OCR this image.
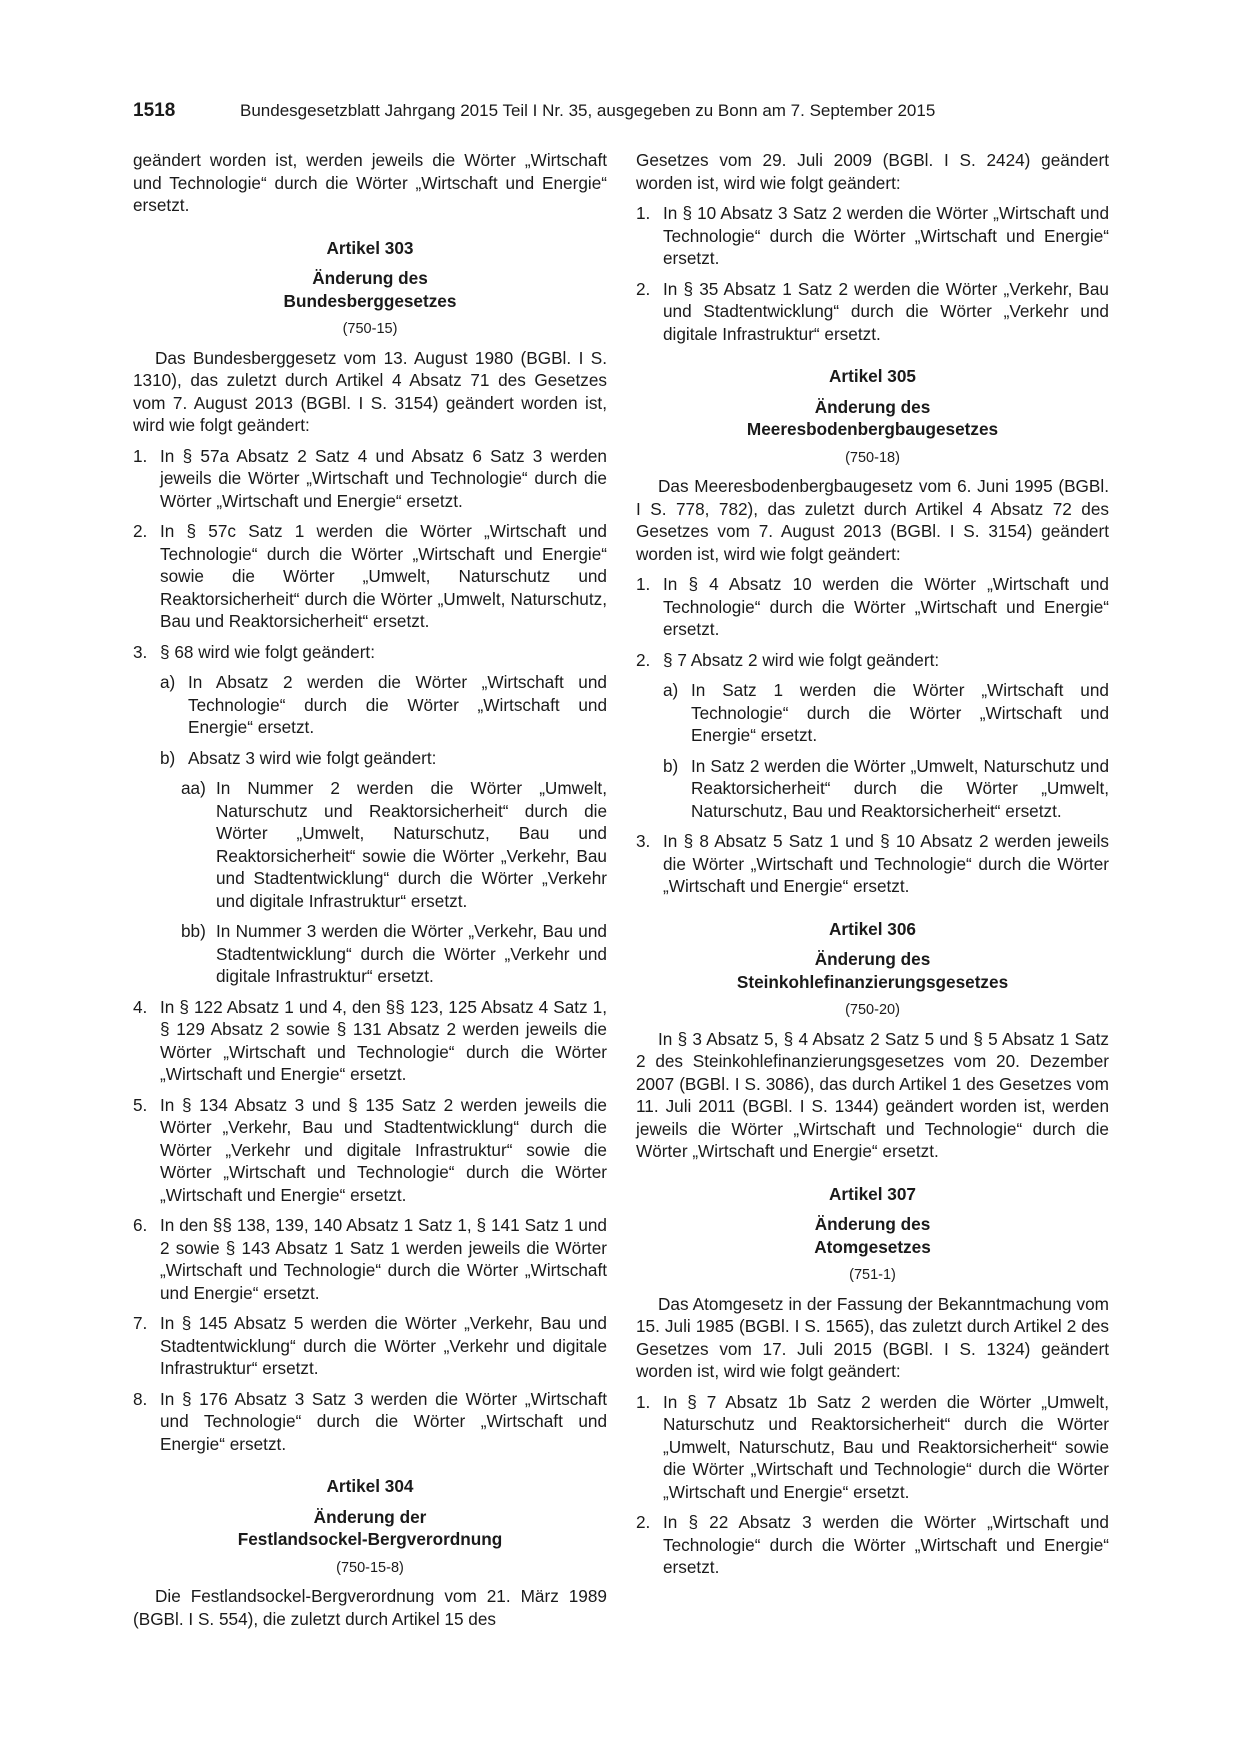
1518	Bundesgesetzblatt Jahrgang 2015 Teil I Nr. 35, ausgegeben zu Bonn am 7. September 2015

geändert worden ist, werden jeweils die Wörter „Wirtschaft und Technologie“ durch die Wörter „Wirtschaft und Energie“ ersetzt.

Artikel 303

Änderung des

Bundesberggesetzes

(750-15)

Das Bundesberggesetz vom 13. August 1980 (BGBl. I S. 1310), das zuletzt durch Artikel 4 Absatz 71 des Gesetzes vom 7. August 2013 (BGBl. I S. 3154) geändert worden ist, wird wie folgt geändert:

1. In § 57a Absatz 2 Satz 4 und Absatz 6 Satz 3 werden jeweils die Wörter „Wirtschaft und Technologie“ durch die Wörter „Wirtschaft und Energie“ ersetzt.

2. In § 57c Satz 1 werden die Wörter „Wirtschaft und Technologie“ durch die Wörter „Wirtschaft und Energie“ sowie die Wörter „Umwelt, Naturschutz und Reaktorsicherheit“ durch die Wörter „Umwelt, Naturschutz, Bau und Reaktorsicherheit“ ersetzt.

3. § 68 wird wie folgt geändert:

a) In Absatz 2 werden die Wörter „Wirtschaft und Technologie“ durch die Wörter „Wirtschaft und Energie“ ersetzt.

b) Absatz 3 wird wie folgt geändert:

aa) In Nummer 2 werden die Wörter „Umwelt, Naturschutz und Reaktorsicherheit“ durch die Wörter „Umwelt, Naturschutz, Bau und Reaktorsicherheit“ sowie die Wörter „Verkehr, Bau und Stadtentwicklung“ durch die Wörter „Verkehr und digitale Infrastruktur“ ersetzt.

bb) In Nummer 3 werden die Wörter „Verkehr, Bau und Stadtentwicklung“ durch die Wörter „Verkehr und digitale Infrastruktur“ ersetzt.

4. In § 122 Absatz 1 und 4, den §§ 123, 125 Absatz 4 Satz 1, § 129 Absatz 2 sowie § 131 Absatz 2 werden jeweils die Wörter „Wirtschaft und Technologie“ durch die Wörter „Wirtschaft und Energie“ ersetzt.

5. In § 134 Absatz 3 und § 135 Satz 2 werden jeweils die Wörter „Verkehr, Bau und Stadtentwicklung“ durch die Wörter „Verkehr und digitale Infrastruktur“ sowie die Wörter „Wirtschaft und Technologie“ durch die Wörter „Wirtschaft und Energie“ ersetzt.

6. In den §§ 138, 139, 140 Absatz 1 Satz 1, § 141 Satz 1 und 2 sowie § 143 Absatz 1 Satz 1 werden jeweils die Wörter „Wirtschaft und Technologie“ durch die Wörter „Wirtschaft und Energie“ ersetzt.

7. In § 145 Absatz 5 werden die Wörter „Verkehr, Bau und Stadtentwicklung“ durch die Wörter „Verkehr und digitale Infrastruktur“ ersetzt.

8. In § 176 Absatz 3 Satz 3 werden die Wörter „Wirtschaft und Technologie“ durch die Wörter „Wirtschaft und Energie“ ersetzt.

Artikel 304

Änderung der

Festlandsockel-Bergverordnung

(750-15-8)

Die Festlandsockel-Bergverordnung vom 21. März 1989 (BGBl. I S. 554), die zuletzt durch Artikel 15 des

Gesetzes vom 29. Juli 2009 (BGBl. I S. 2424) geändert worden ist, wird wie folgt geändert:

1. In § 10 Absatz 3 Satz 2 werden die Wörter „Wirtschaft und Technologie“ durch die Wörter „Wirtschaft und Energie“ ersetzt.

2. In § 35 Absatz 1 Satz 2 werden die Wörter „Verkehr, Bau und Stadtentwicklung“ durch die Wörter „Verkehr und digitale Infrastruktur“ ersetzt.

Artikel 305

Änderung des

Meeresbodenbergbaugesetzes

(750-18)

Das Meeresbodenbergbaugesetz vom 6. Juni 1995 (BGBl. I S. 778, 782), das zuletzt durch Artikel 4 Absatz 72 des Gesetzes vom 7. August 2013 (BGBl. I S. 3154) geändert worden ist, wird wie folgt geändert:

1. In § 4 Absatz 10 werden die Wörter „Wirtschaft und Technologie“ durch die Wörter „Wirtschaft und Energie“ ersetzt.

2. § 7 Absatz 2 wird wie folgt geändert:

a) In Satz 1 werden die Wörter „Wirtschaft und Technologie“ durch die Wörter „Wirtschaft und Energie“ ersetzt.

b) In Satz 2 werden die Wörter „Umwelt, Naturschutz und Reaktorsicherheit“ durch die Wörter „Umwelt, Naturschutz, Bau und Reaktorsicherheit“ ersetzt.

3. In § 8 Absatz 5 Satz 1 und § 10 Absatz 2 werden jeweils die Wörter „Wirtschaft und Technologie“ durch die Wörter „Wirtschaft und Energie“ ersetzt.

Artikel 306

Änderung des

Steinkohlefinanzierungsgesetzes

(750-20)

In § 3 Absatz 5, § 4 Absatz 2 Satz 5 und § 5 Absatz 1 Satz 2 des Steinkohlefinanzierungsgesetzes vom 20. Dezember 2007 (BGBl. I S. 3086), das durch Artikel 1 des Gesetzes vom 11. Juli 2011 (BGBl. I S. 1344) geändert worden ist, werden jeweils die Wörter „Wirtschaft und Technologie“ durch die Wörter „Wirtschaft und Energie“ ersetzt.

Artikel 307

Änderung des

Atomgesetzes

(751-1)

Das Atomgesetz in der Fassung der Bekanntmachung vom 15. Juli 1985 (BGBl. I S. 1565), das zuletzt durch Artikel 2 des Gesetzes vom 17. Juli 2015 (BGBl. I S. 1324) geändert worden ist, wird wie folgt geändert:

1. In § 7 Absatz 1b Satz 2 werden die Wörter „Umwelt, Naturschutz und Reaktorsicherheit“ durch die Wörter „Umwelt, Naturschutz, Bau und Reaktorsicherheit“ sowie die Wörter „Wirtschaft und Technologie“ durch die Wörter „Wirtschaft und Energie“ ersetzt.

2. In § 22 Absatz 3 werden die Wörter „Wirtschaft und Technologie“ durch die Wörter „Wirtschaft und Energie“ ersetzt.
